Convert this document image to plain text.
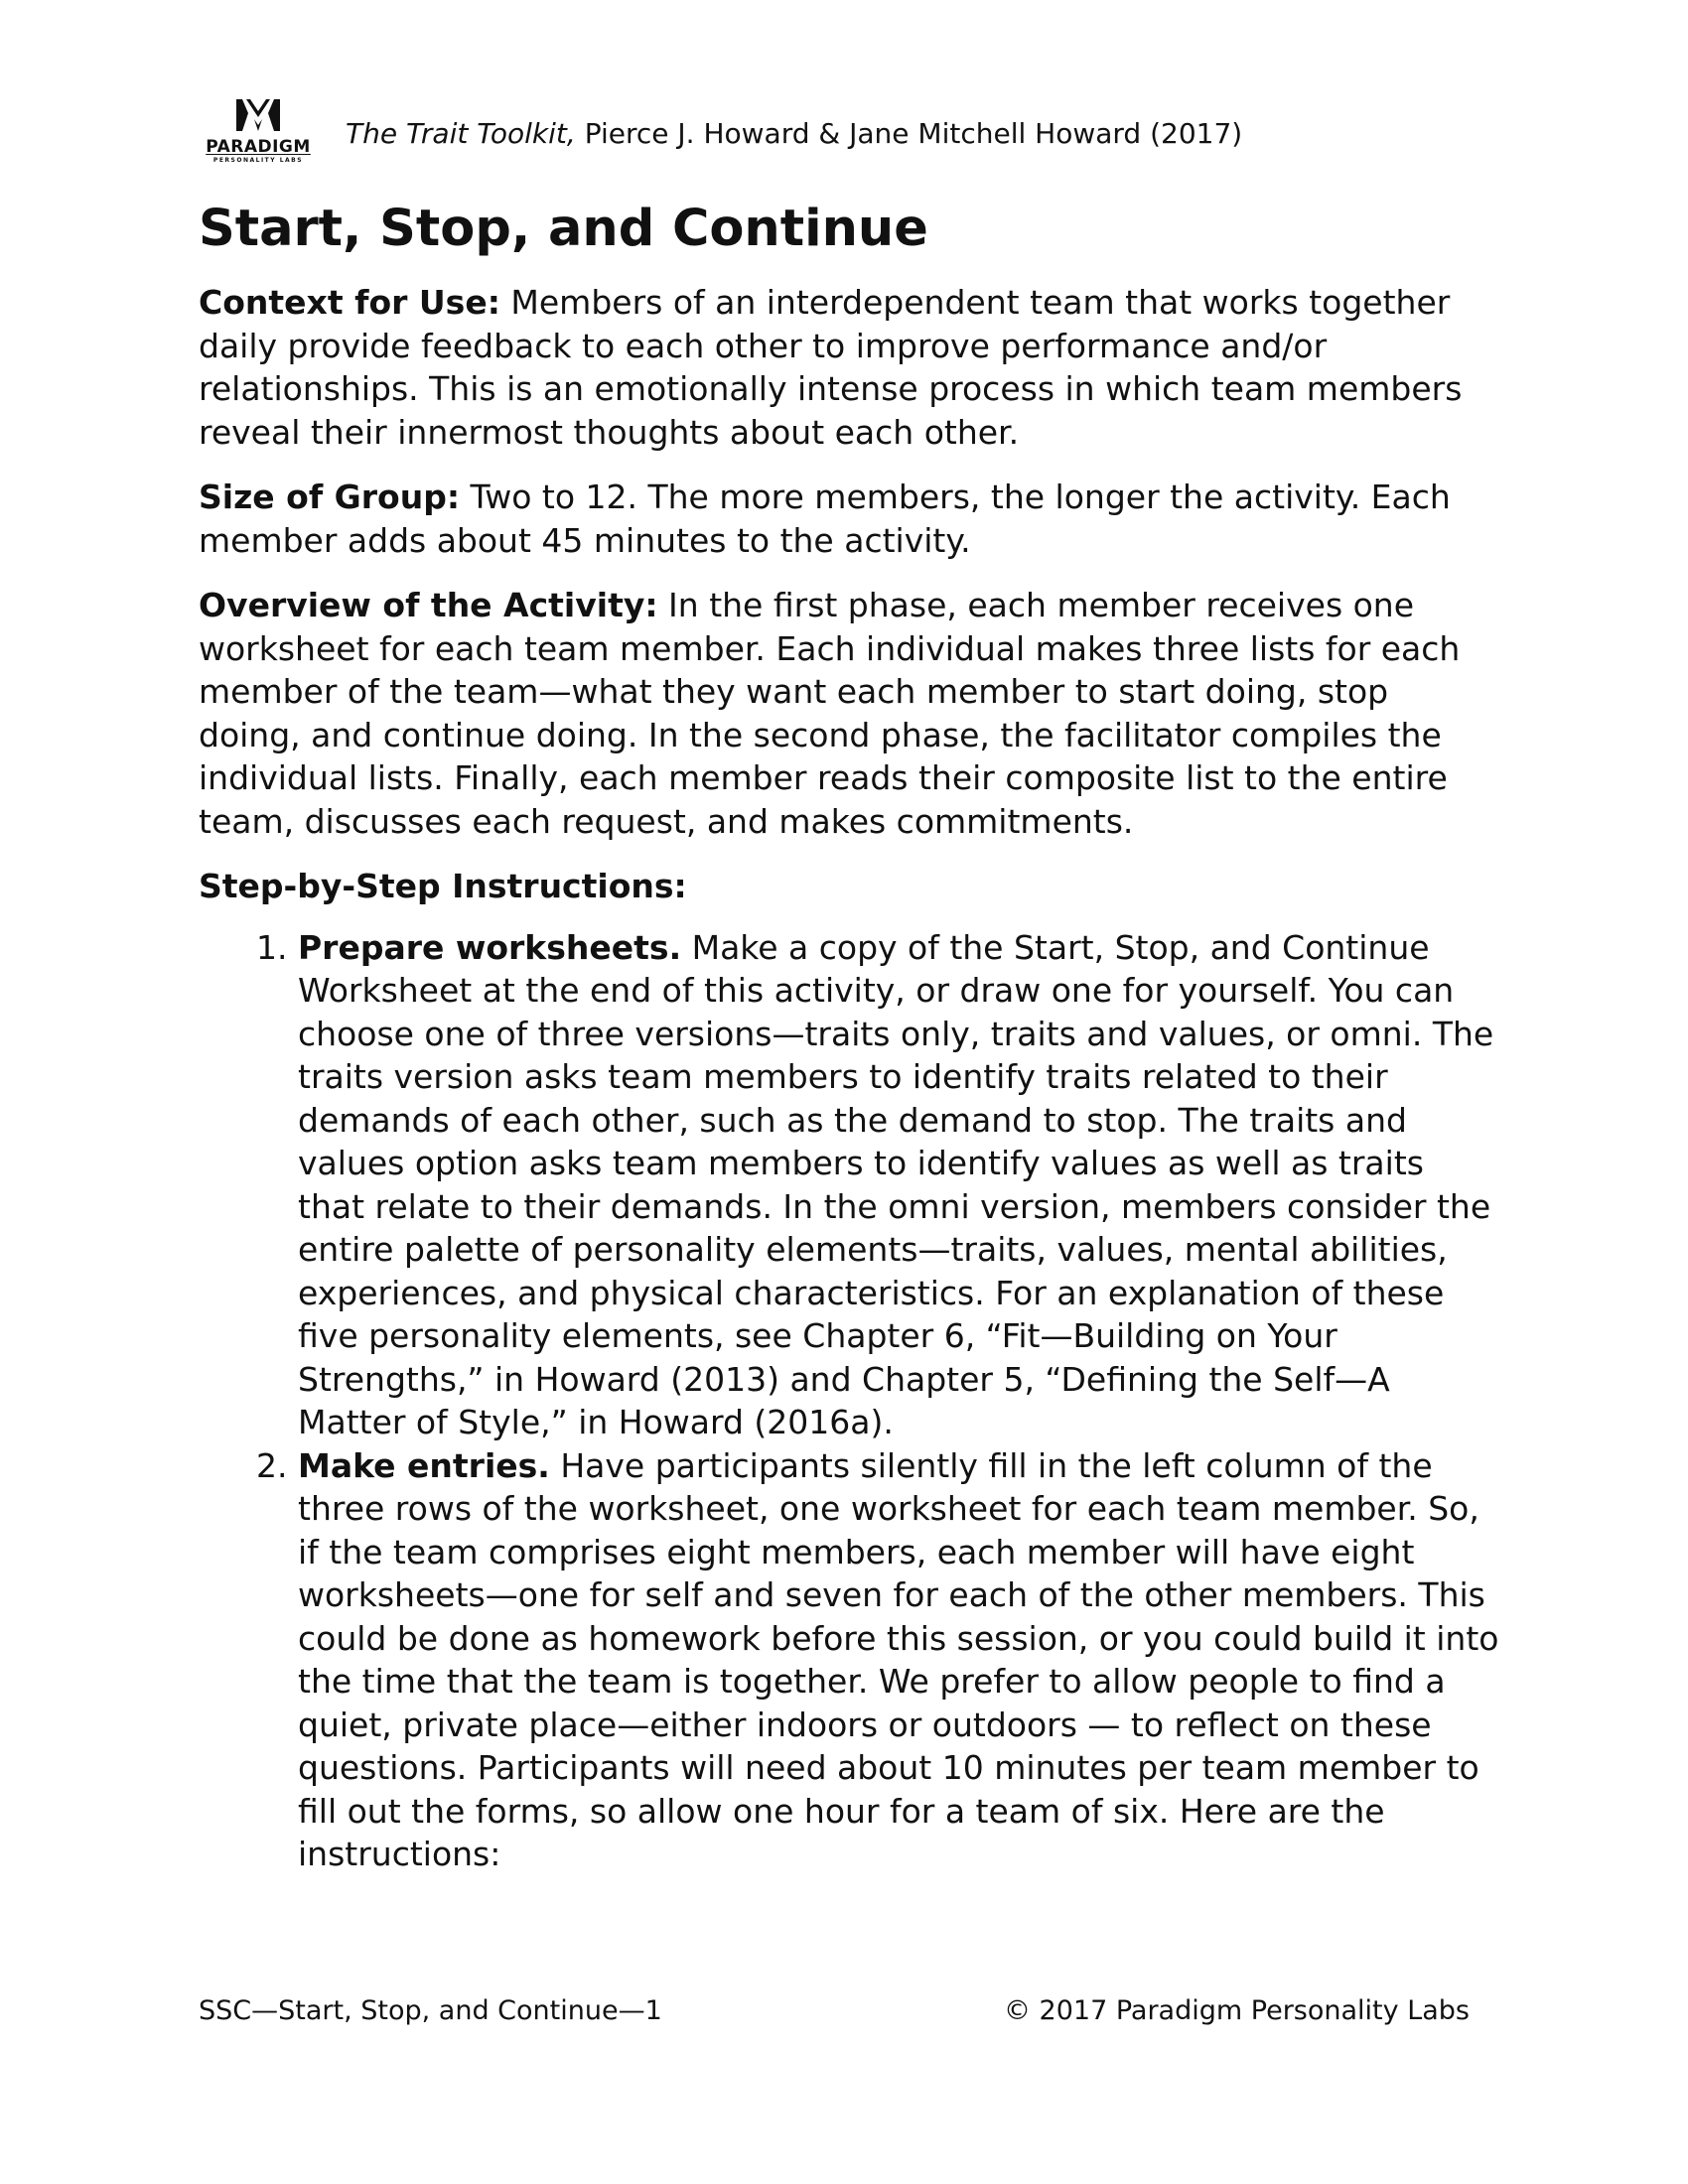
PARADIGM
PERSONALITY LABS
The Trait Toolkit, Pierce J. Howard & Jane Mitchell Howard (2017)
Start, Stop, and Continue

Context for Use: Members of an interdependent team that works together daily provide feedback to each other to improve performance and/or relationships. This is an emotionally intense process in which team members reveal their innermost thoughts about each other.

Size of Group: Two to 12. The more members, the longer the activity. Each member adds about 45 minutes to the activity.

Overview of the Activity: In the first phase, each member receives one worksheet for each team member. Each individual makes three lists for each member of the team—what they want each member to start doing, stop doing, and continue doing. In the second phase, the facilitator compiles the individual lists. Finally, each member reads their composite list to the entire team, discusses each request, and makes commitments.

Step-by-Step Instructions:

1. Prepare worksheets. Make a copy of the Start, Stop, and Continue Worksheet at the end of this activity, or draw one for yourself. You can choose one of three versions—traits only, traits and values, or omni. The traits version asks team members to identify traits related to their demands of each other, such as the demand to stop. The traits and values option asks team members to identify values as well as traits that relate to their demands. In the omni version, members consider the entire palette of personality elements—traits, values, mental abilities, experiences, and physical characteristics. For an explanation of these five personality elements, see Chapter 6, “Fit—Building on Your Strengths,” in Howard (2013) and Chapter 5, “Defining the Self—A Matter of Style,” in Howard (2016a).
2. Make entries. Have participants silently fill in the left column of the three rows of the worksheet, one worksheet for each team member. So, if the team comprises eight members, each member will have eight worksheets—one for self and seven for each of the other members. This could be done as homework before this session, or you could build it into the time that the team is together. We prefer to allow people to find a quiet, private place—either indoors or outdoors — to reflect on these questions. Participants will need about 10 minutes per team member to fill out the forms, so allow one hour for a team of six. Here are the instructions:
SSC—Start, Stop, and Continue—1	© 2017 Paradigm Personality Labs
